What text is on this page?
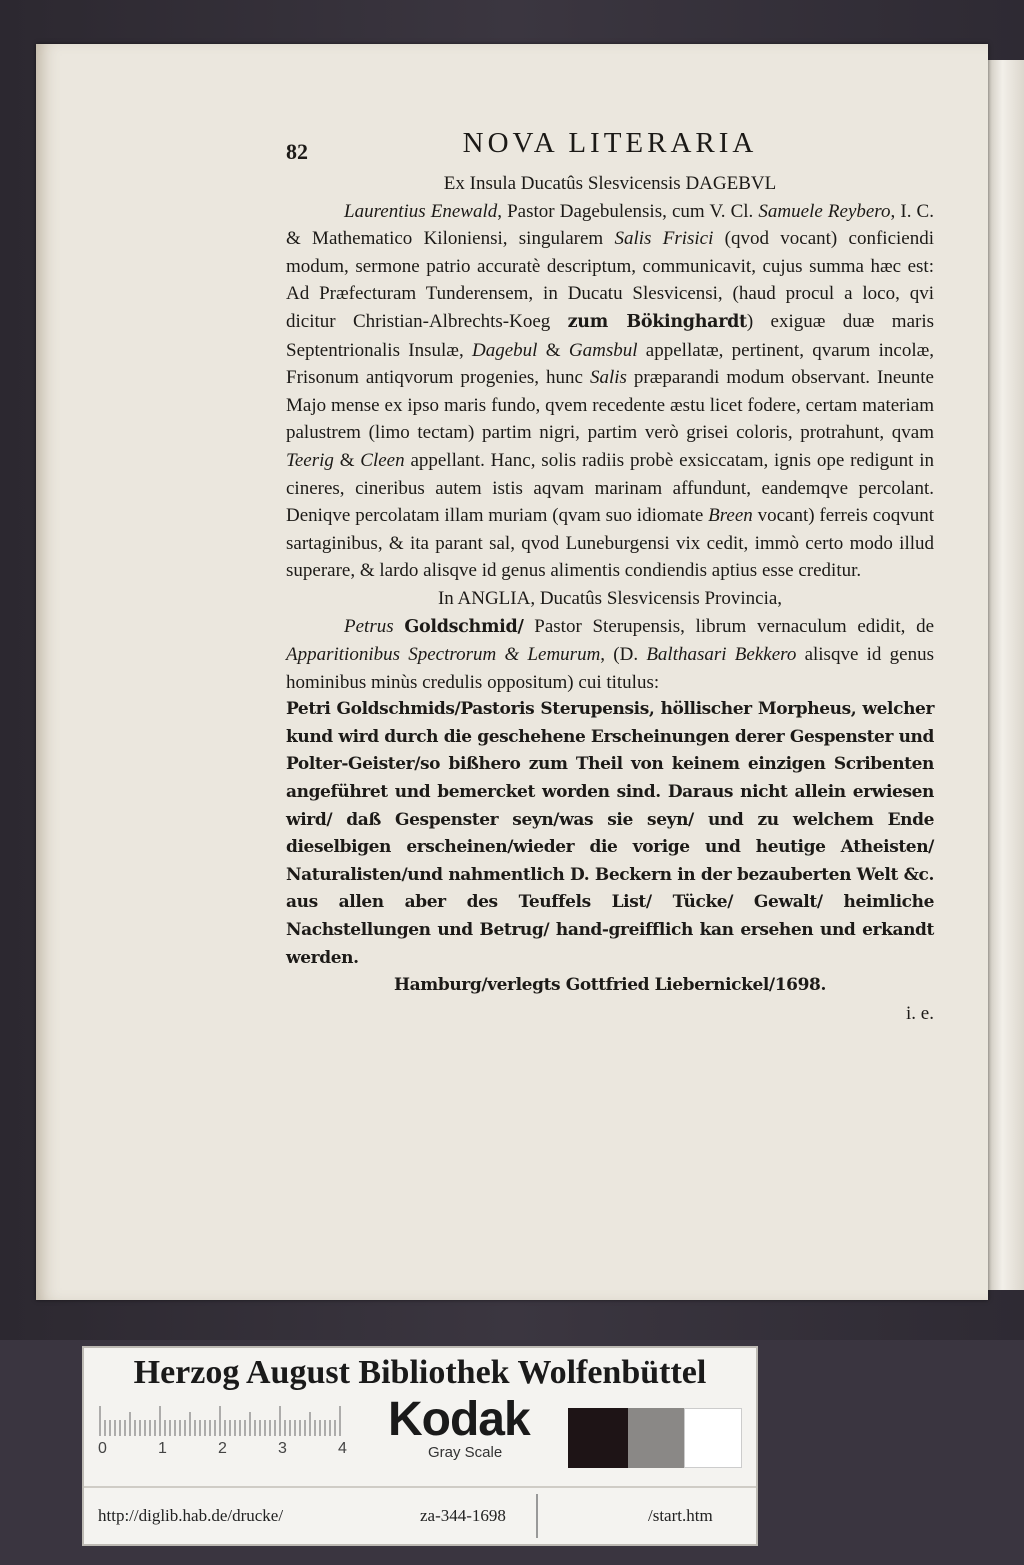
82	NOVA LITERARIA
Ex Insula Ducatûs Slesvicensis DAGEBVL

Laurentius Enewald, Pastor Dagebulensis, cum V. Cl. Samuele Reybero, I. C. & Mathematico Kiloniensi, singularem Salis Frisici (qvod vocant) conficiendi modum, sermone patrio accuratè descriptum, communicavit, cujus summa hæc est: Ad Præfecturam Tunderensem, in Ducatu Slesvicensi, (haud procul a loco, qvi dicitur Christian-Albrechts-Koeg zum Bökinghardt) exiguæ duæ maris Septentrionalis Insulæ, Dagebul & Gamsbul appellatæ, pertinent, qvarum incolæ, Frisonum antiqvorum progenies, hunc Salis præparandi modum observant. Ineunte Majo mense ex ipso maris fundo, qvem recedente æstu licet fodere, certam materiam palustrem (limo tectam) partim nigri, partim verò grisei coloris, protrahunt, qvam Teerig & Cleen appellant. Hanc, solis radiis probè exsiccatam, ignis ope redigunt in cineres, cineribus autem istis aqvam marinam affundunt, eandemqve percolant. Deniqve percolatam illam muriam (qvam suo idiomate Breen vocant) ferreis coqvunt sartaginibus, & ita parant sal, qvod Luneburgensi vix cedit, immò certo modo illud superare, & lardo alisqve id genus alimentis condiendis aptius esse creditur.

In ANGLIA, Ducatûs Slesvicensis Provincia,

Petrus Goldschmid/ Pastor Sterupensis, librum vernaculum edidit, de Apparitionibus Spectrorum & Lemurum, (D. Balthasari Bekkero alisqve id genus hominibus minùs credulis oppositum) cui titulus:

Petri Goldschmids/Pastoris Sterupensis, höllischer Morpheus, welcher kund wird durch die geschehene Erscheinungen derer Gespenster und Polter-Geister/so bißhero zum Theil von keinem einzigen Scribenten angeführet und bemercket worden sind. Daraus nicht allein erwiesen wird/ daß Gespenster seyn/was sie seyn/ und zu welchem Ende dieselbigen erscheinen/wieder die vorige und heutige Atheisten/ Naturalisten/und nahmentlich D. Beckern in der bezauberten Welt &c. aus allen aber des Teuffels List/ Tücke/ Gewalt/ heimliche Nachstellungen und Betrug/ hand-greifflich kan ersehen und erkandt werden.
Hamburg/verlegts Gottfried Liebernickel/1698.
i. e.
Herzog August Bibliothek Wolfenbüttel
0	1	2	3	4
Kodak
Gray Scale
http://diglib.hab.de/drucke/	za-344-1698	/start.htm
